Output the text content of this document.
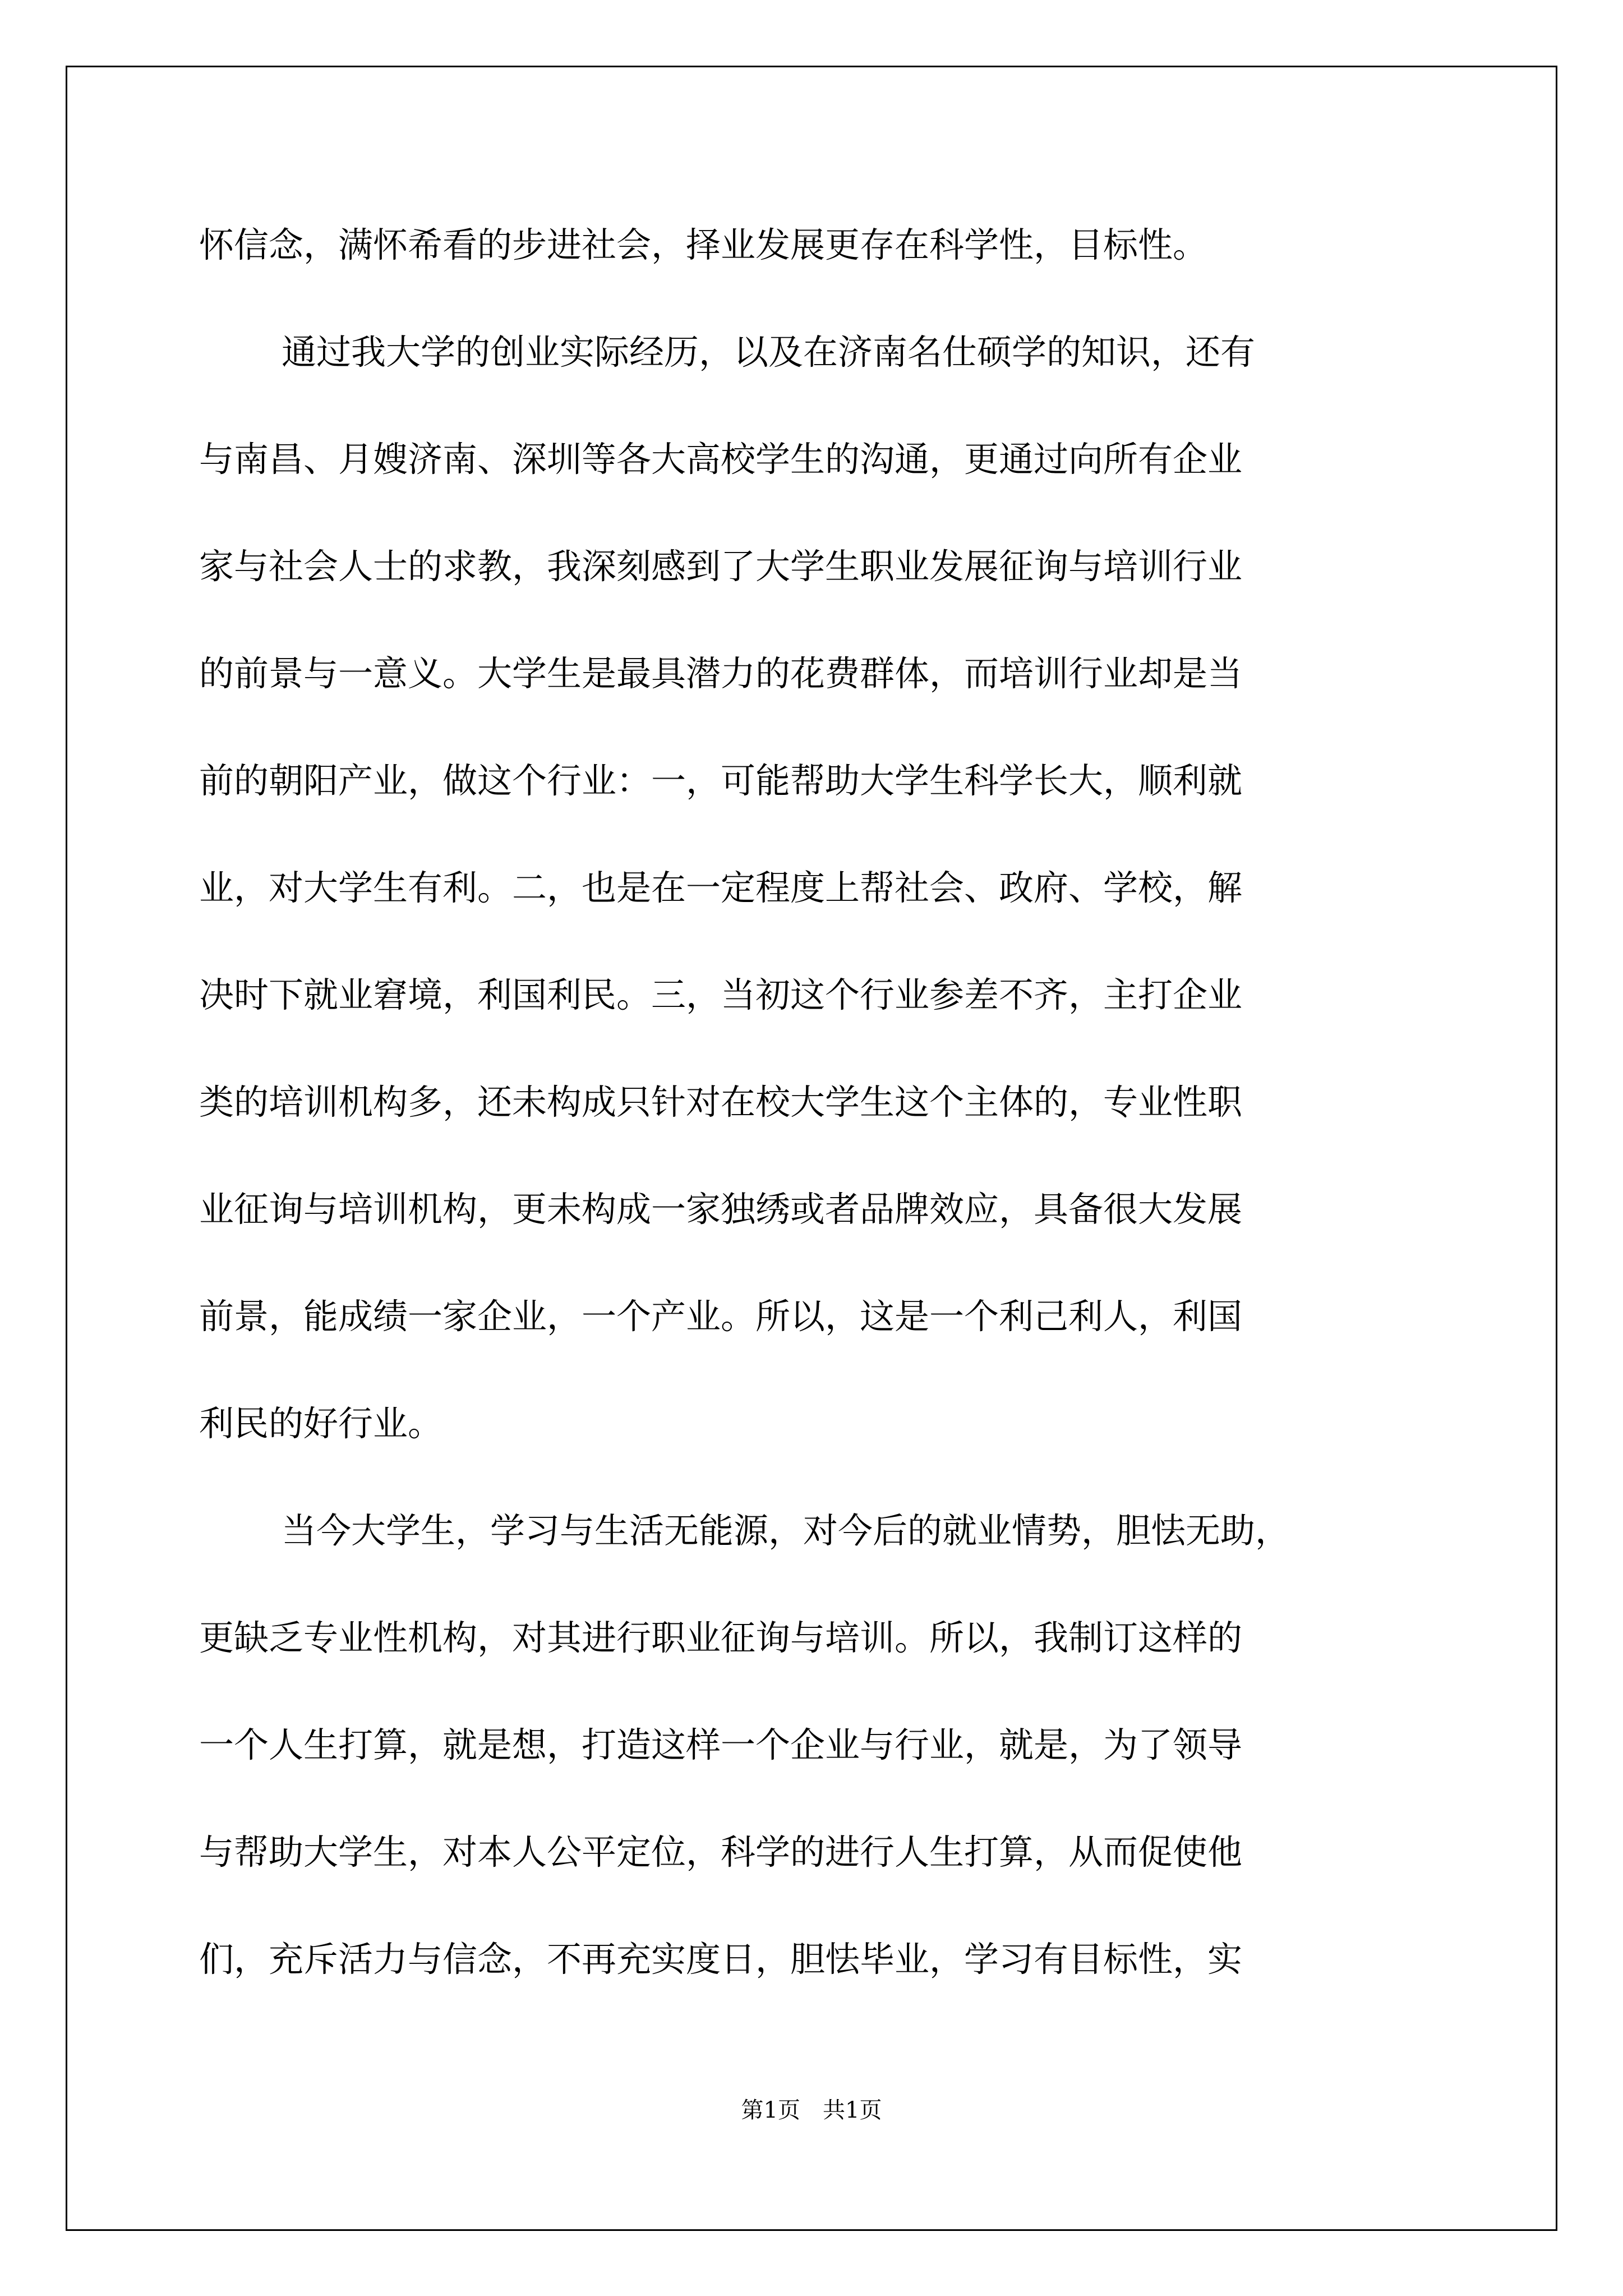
怀信念，满怀希看的步进社会，择业发展更存在科学性，目标性。

通过我大学的创业实际经历，以及在济南名仕硕学的知识，还有

与南昌、月嫂济南、深圳等各大高校学生的沟通，更通过向所有企业

家与社会人士的求教，我深刻感到了大学生职业发展征询与培训行业

的前景与一意义。大学生是最具潜力的花费群体，而培训行业却是当

前的朝阳产业，做这个行业：一，可能帮助大学生科学长大，顺利就

业，对大学生有利。二，也是在一定程度上帮社会、政府、学校，解

决时下就业窘境，利国利民。三，当初这个行业参差不齐，主打企业

类的培训机构多，还未构成只针对在校大学生这个主体的，专业性职

业征询与培训机构，更未构成一家独绣或者品牌效应，具备很大发展

前景，能成绩一家企业，一个产业。所以，这是一个利己利人，利国

利民的好行业。

当今大学生，学习与生活无能源，对今后的就业情势，胆怯无助，

更缺乏专业性机构，对其进行职业征询与培训。所以，我制订这样的

一个人生打算，就是想，打造这样一个企业与行业，就是，为了领导

与帮助大学生，对本人公平定位，科学的进行人生打算，从而促使他

们，充斥活力与信念，不再充实度日，胆怯毕业，学习有目标性，实

第1页　共1页
